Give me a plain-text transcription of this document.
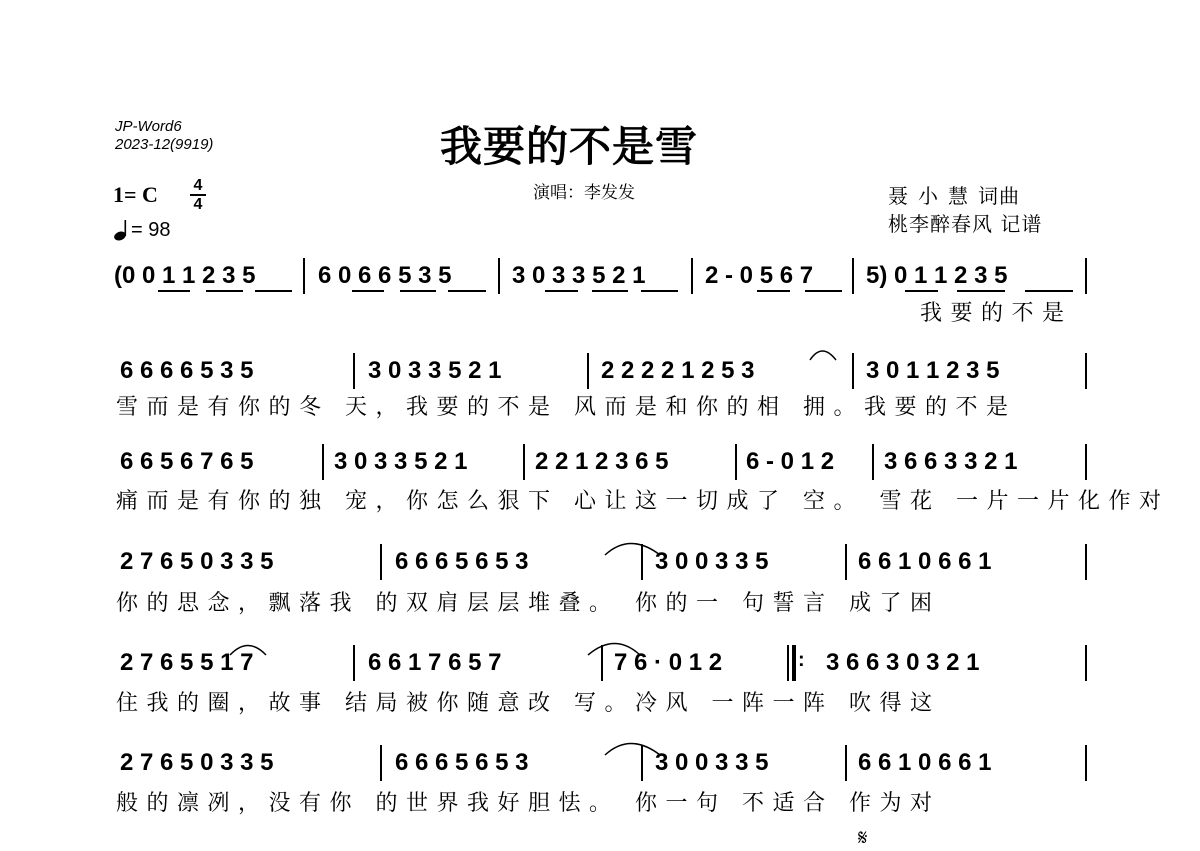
JP-Word6
2023-12(9919)	我要的不是雪
演唱：李发发
1= C 4
4
= 98
聂小慧词曲
桃李醉春风 记谱
(0 0 1 1 2 3 5	6 0 6 6 5 3 5	3 0 3 3 5 2 1 2 - 0 5 6 7 5) 0 1 1 2 3 5
我要的不是
6 6 6 6 5 3 5	3 0 3 3 5 2 1	2 2 2 2 1 2 5 3	3 0 1 1 2 3 5
雪而是有你的冬 天，我要的不是 风而是和你的相 拥。我要的不是
6 6 5 6 7 6 5	3 0 3 3 5 2 1	2 2 1 2 3 6 5	6 - 0 1 2 3 6 6 3 3 2 1
痛而是有你的独 宠，你怎么狠下 心让这一切成了 空。 雪花 一片一片化作对
2 7 6 5 0 3 3 5	6 6 6 5 6 5 3	3 0 0 3 3 5	6 6 1 0 6 6 1
你的思念，飘落我 的双肩层层堆叠。 你的一 句誓言 成了困
2 7 6 5 5 1 7	6 6 1 7 6 5 7	7 6 · 0 1 2	: 3 6 6 3 0 3 2 1
住我的圈，故事 结局被你随意改 写。冷风 一阵一阵 吹得这
2 7 6 5 0 3 3 5	6 6 6 5 6 5 3	3 0 0 3 3 5	6 6 1 0 6 6 1
般的凛冽，没有你 的世界我好胆怯。 你一句 不适合 作为对
𝄋
